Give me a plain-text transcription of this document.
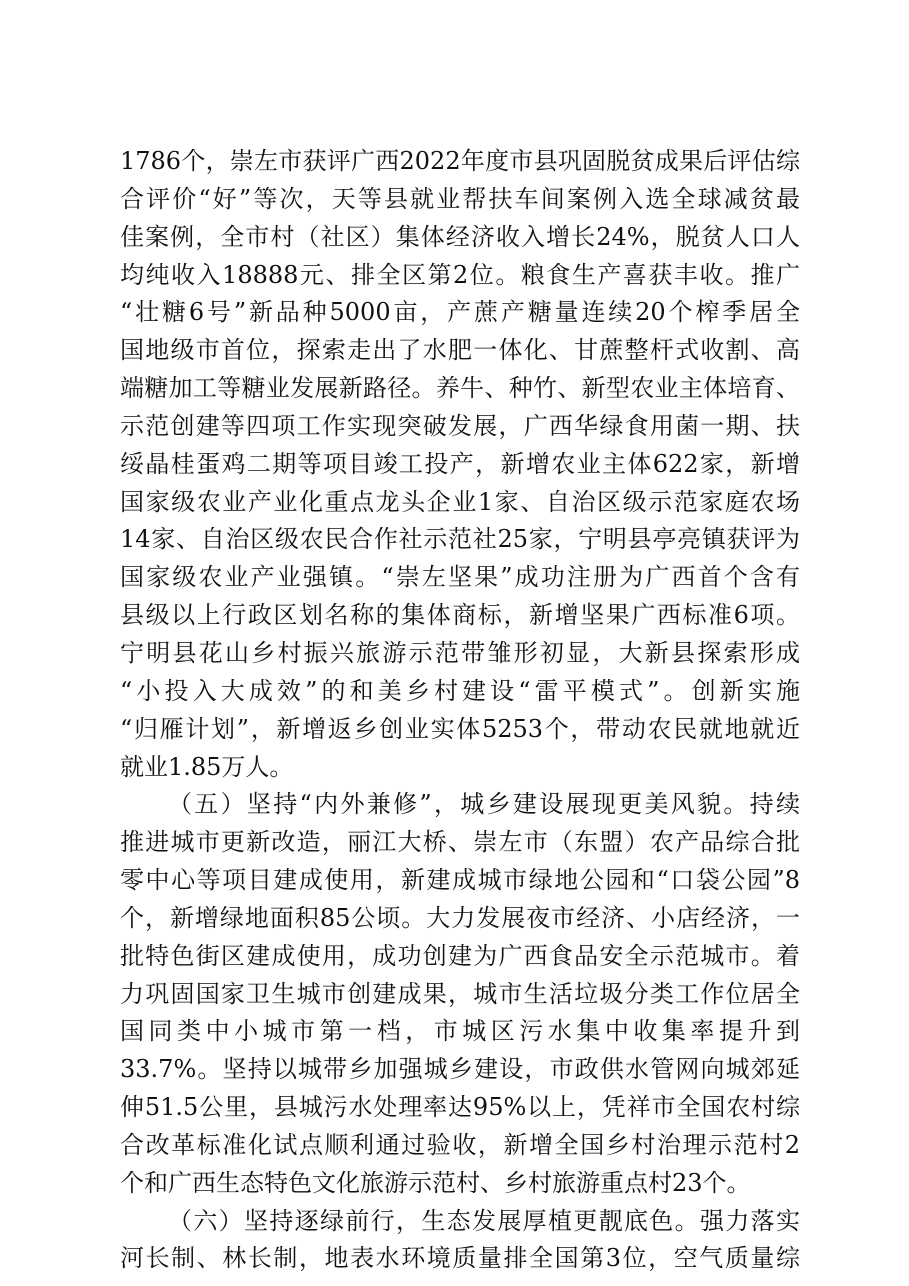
1786个，崇左市获评广西2022年度市县巩固脱贫成果后评估综
合评价“好”等次，天等县就业帮扶车间案例入选全球减贫最
佳案例，全市村（社区）集体经济收入增长24%，脱贫人口人
均纯收入18888元、排全区第2位。粮食生产喜获丰收。推广
“壮糖6号”新品种5000亩，产蔗产糖量连续20个榨季居全
国地级市首位，探索走出了水肥一体化、甘蔗整杆式收割、高
端糖加工等糖业发展新路径。养牛、种竹、新型农业主体培育、
示范创建等四项工作实现突破发展，广西华绿食用菌一期、扶
绥晶桂蛋鸡二期等项目竣工投产，新增农业主体622家，新增
国家级农业产业化重点龙头企业1家、自治区级示范家庭农场
14家、自治区级农民合作社示范社25家，宁明县亭亮镇获评为
国家级农业产业强镇。“崇左坚果”成功注册为广西首个含有
县级以上行政区划名称的集体商标，新增坚果广西标准6项。
宁明县花山乡村振兴旅游示范带雏形初显，大新县探索形成
“小投入大成效”的和美乡村建设“雷平模式”。创新实施
“归雁计划”，新增返乡创业实体5253个，带动农民就地就近
就业1.85万人。
（五）坚持“内外兼修”，城乡建设展现更美风貌。持续
推进城市更新改造，丽江大桥、崇左市（东盟）农产品综合批
零中心等项目建成使用，新建成城市绿地公园和“口袋公园”8
个，新增绿地面积85公顷。大力发展夜市经济、小店经济，一
批特色街区建成使用，成功创建为广西食品安全示范城市。着
力巩固国家卫生城市创建成果，城市生活垃圾分类工作位居全
国同类中小城市第一档，市城区污水集中收集率提升到
33.7%。坚持以城带乡加强城乡建设，市政供水管网向城郊延
伸51.5公里，县城污水处理率达95%以上，凭祥市全国农村综
合改革标准化试点顺利通过验收，新增全国乡村治理示范村2
个和广西生态特色文化旅游示范村、乡村旅游重点村23个。
（六）坚持逐绿前行，生态发展厚植更靓底色。强力落实
河长制、林长制，地表水环境质量排全国第3位，空气质量综
